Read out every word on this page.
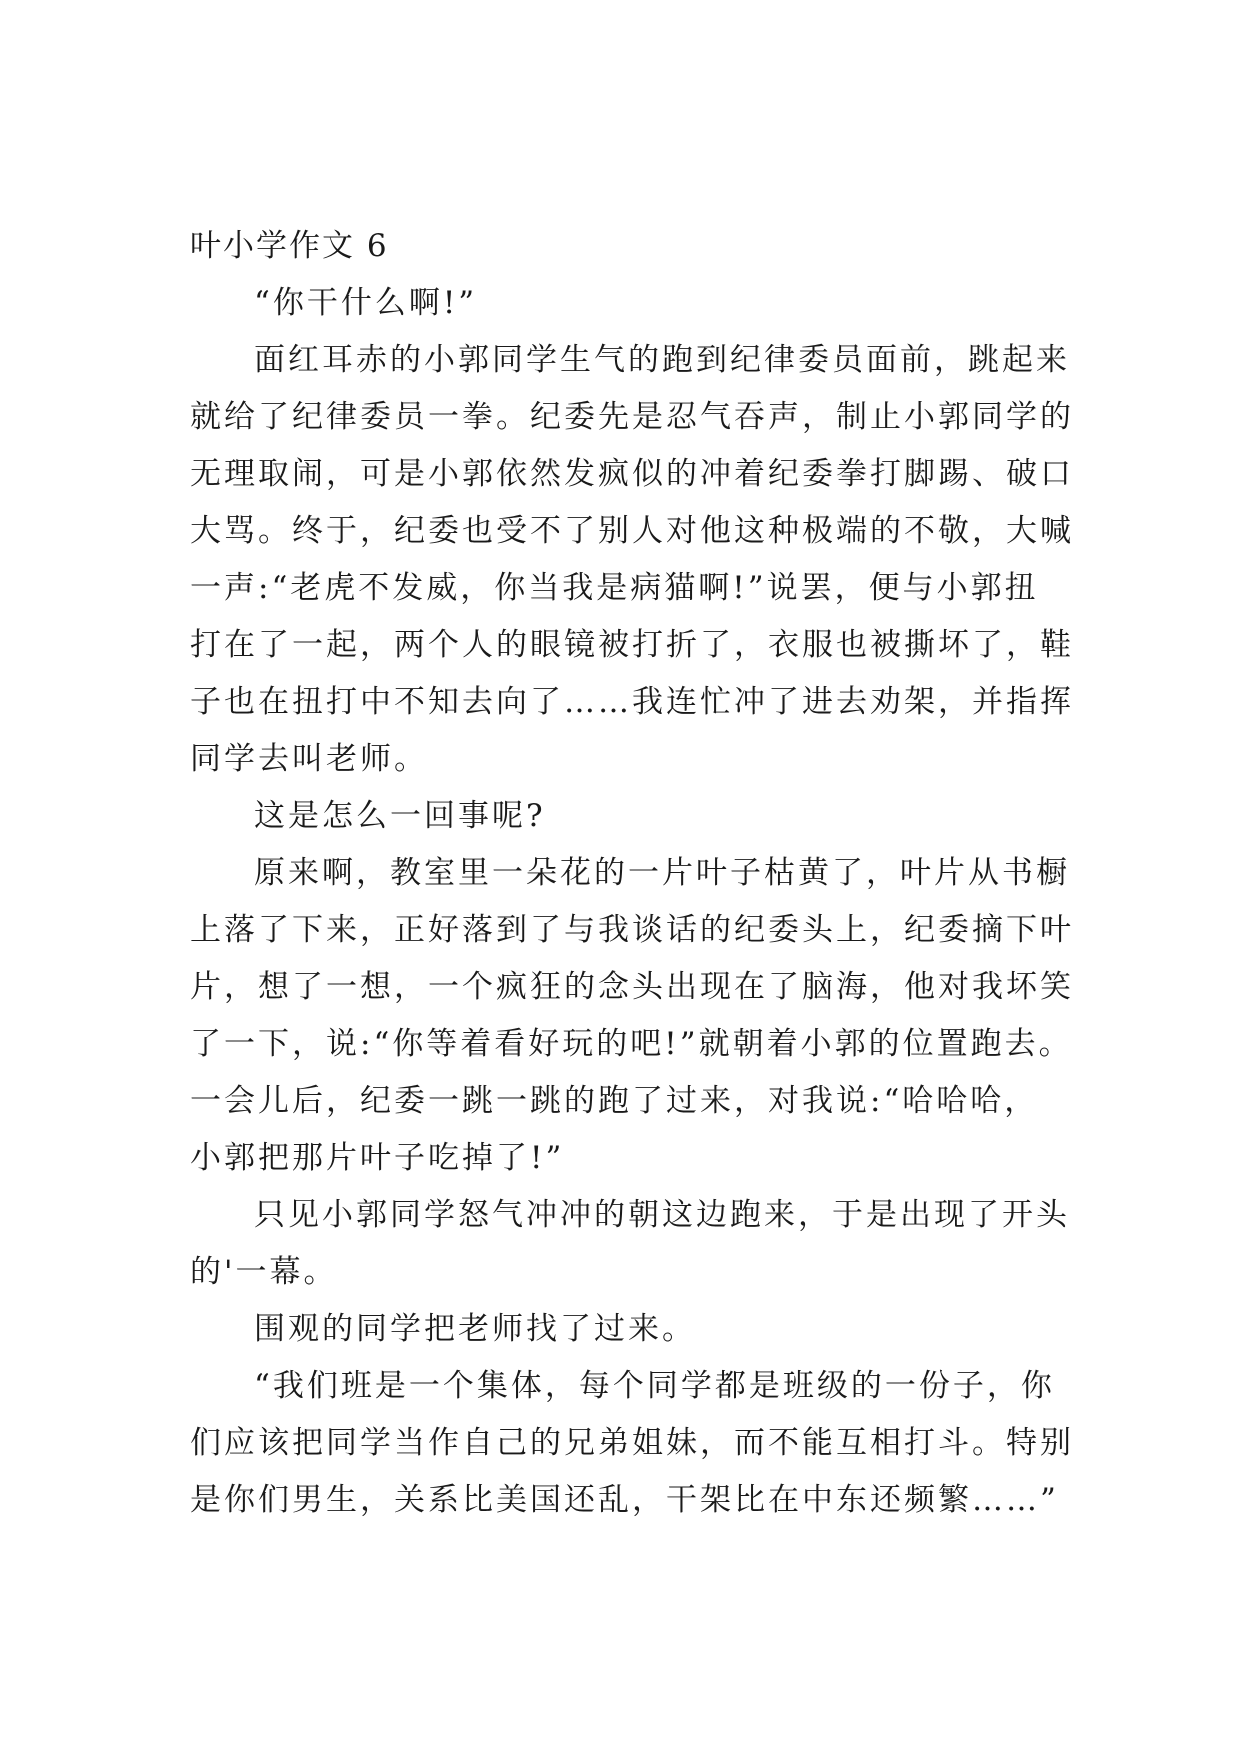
叶小学作文 6
“你干什么啊!”
面红耳赤的小郭同学生气的跑到纪律委员面前，跳起来
就给了纪律委员一拳。纪委先是忍气吞声，制止小郭同学的
无理取闹，可是小郭依然发疯似的冲着纪委拳打脚踢、破口
大骂。终于，纪委也受不了别人对他这种极端的不敬，大喊
一声:“老虎不发威，你当我是病猫啊!”说罢，便与小郭扭
打在了一起，两个人的眼镜被打折了，衣服也被撕坏了，鞋
子也在扭打中不知去向了……我连忙冲了进去劝架，并指挥
同学去叫老师。
这是怎么一回事呢?
原来啊，教室里一朵花的一片叶子枯黄了，叶片从书橱
上落了下来，正好落到了与我谈话的纪委头上，纪委摘下叶
片，想了一想，一个疯狂的念头出现在了脑海，他对我坏笑
了一下，说:“你等着看好玩的吧!”就朝着小郭的位置跑去。
一会儿后，纪委一跳一跳的跑了过来，对我说:“哈哈哈，
小郭把那片叶子吃掉了!”
只见小郭同学怒气冲冲的朝这边跑来，于是出现了开头
的'一幕。
围观的同学把老师找了过来。
“我们班是一个集体，每个同学都是班级的一份子，你
们应该把同学当作自己的兄弟姐妹，而不能互相打斗。特别
是你们男生，关系比美国还乱，干架比在中东还频繁……”
